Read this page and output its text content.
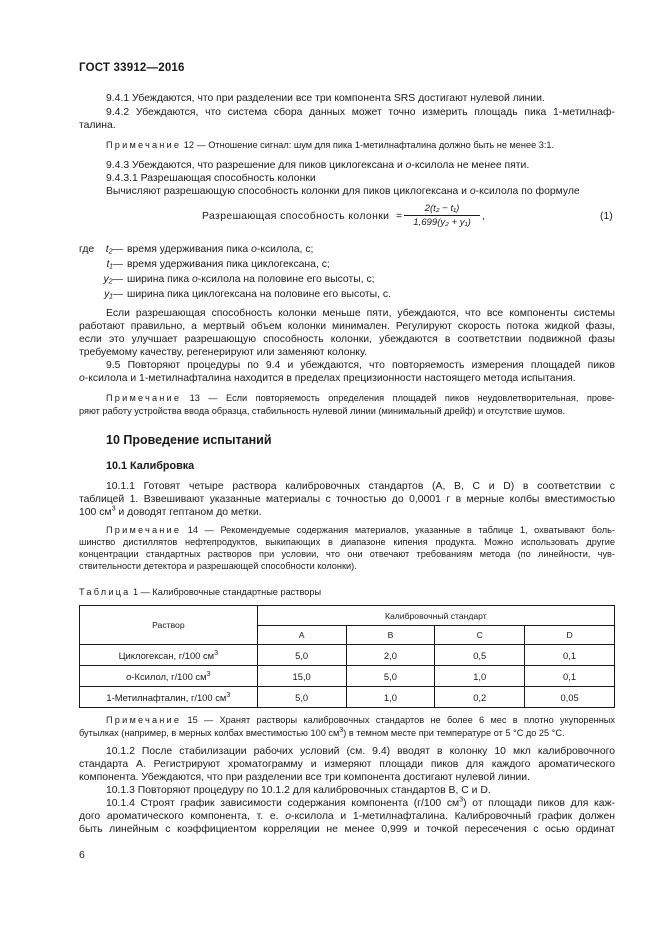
ГОСТ 33912—2016
9.4.1 Убеждаются, что при разделении все три компонента SRS достигают нулевой линии.
9.4.2 Убеждаются, что система сбора данных может точно измерить площадь пика 1-метилнаф-
талина.
Примечание 12 — Отношение сигнал: шум для пика 1-метилнафталина должно быть не менее 3:1.
9.4.3 Убеждаются, что разрешение для пиков циклогексана и о-ксилола не менее пяти.
9.4.3.1 Разрешающая способность колонки
Вычисляют разрешающую способность колонки для пиков циклогексана и о-ксилола по формуле
Разрешающая способность колонки = $\frac{\text{2(t₂ − t₁)}}{\text{1,699(y₂ + y₁)}}$ ,	(1)
где	t₂— время удерживания пика о-ксилола, с;
t₁— время удерживания пика циклогексана, с;
y₂— ширина пика о-ксилола на половине его высоты, с;
y₁— ширина пика циклогексана на половине его высоты, с.
Если разрешающая способность колонки меньше пяти, убеждаются, что все компоненты системы
работают правильно, а мертвый объем колонки минимален. Регулируют скорость потока жидкой фазы,
если это улучшает разрешающую способность колонки, убеждаются в соответствии подвижной фазы
требуемому качеству, регенерируют или заменяют колонку.
9.5 Повторяют процедуры по 9.4 и убеждаются, что повторяемость измерения площадей пиков
о-ксилола и 1-метилнафталина находится в пределах прецизионности настоящего метода испытания.
Примечание 13 — Если повторяемость определения площадей пиков неудовлетворительная, прове-
ряют работу устройства ввода образца, стабильность нулевой линии (минимальный дрейф) и отсутствие шумов.
10 Проведение испытаний
10.1 Калибровка
10.1.1 Готовят четыре раствора калибровочных стандартов (А, B, C и D) в соответствии с
таблицей 1. Взвешивают указанные материалы с точностью до 0,0001 г в мерные колбы вместимостью
100 $см^3$ и доводят гептаном до метки.
Примечание 14 — Рекомендуемые содержания материалов, указанные в таблице 1, охватывают боль-
шинство дистиллятов нефтепродуктов, выкипающих в диапазоне кипения продукта. Можно использовать другие
концентрации стандартных растворов при условии, что они отвечают требованиям метода (по линейности, чув-
ствительности детектора и разрешающей способности колонки).
Таблица 1 — Калибровочные стандартные растворы
Раствор	Калибровочный стандарт			
	A	B	C	D
Циклогексан, г/100 $см^3$	5,0	2,0	0,5	0,1
о-Ксилол, г/100 $см^3$	15,0	5,0	1,0	0,1
1-Метилнафталин, г/100 $см^3$	5,0	1,0	0,2	0,05
Примечание 15 — Хранят растворы калибровочных стандартов не более 6 мес в плотно укупоренных
бутылках (например, в мерных колбах вместимостью 100 $см^3$) в темном месте при температуре от 5 °С до 25 °С.
10.1.2 После стабилизации рабочих условий (см. 9.4) вводят в колонку 10 мкл калибровочного
стандарта А. Регистрируют хроматограмму и измеряют площади пиков для каждого ароматического
компонента. Убеждаются, что при разделении все три компонента достигают нулевой линии.
10.1.3 Повторяют процедуру по 10.1.2 для калибровочных стандартов B, C и D.
10.1.4 Строят график зависимости содержания компонента (г/100 $см^3$) от площади пиков для каж-
дого ароматического компонента, т. е. о-ксилола и 1-метилнафталина. Калибровочный график должен
быть линейным с коэффициентом корреляции не менее 0,999 и точкой пересечения с осью ординат
6
